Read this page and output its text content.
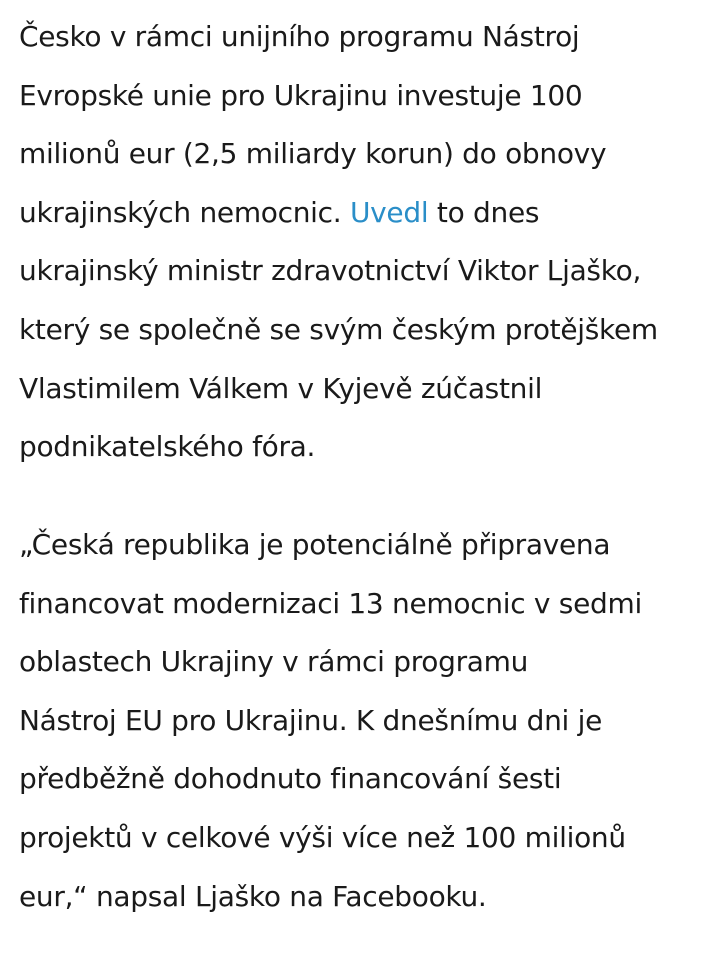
Česko v rámci unijního programu Nástroj
Evropské unie pro Ukrajinu investuje 100
milionů eur (2,5 miliardy korun) do obnovy
ukrajinských nemocnic. Uvedl to dnes
ukrajinský ministr zdravotnictví Viktor Ljaško,
který se společně se svým českým protějškem
Vlastimilem Válkem v Kyjevě zúčastnil
podnikatelského fóra.
„Česká republika je potenciálně připravena
financovat modernizaci 13 nemocnic v sedmi
oblastech Ukrajiny v rámci programu
Nástroj EU pro Ukrajinu. K dnešnímu dni je
předběžně dohodnuto financování šesti
projektů v celkové výši více než 100 milionů
eur,“ napsal Ljaško na Facebooku.
